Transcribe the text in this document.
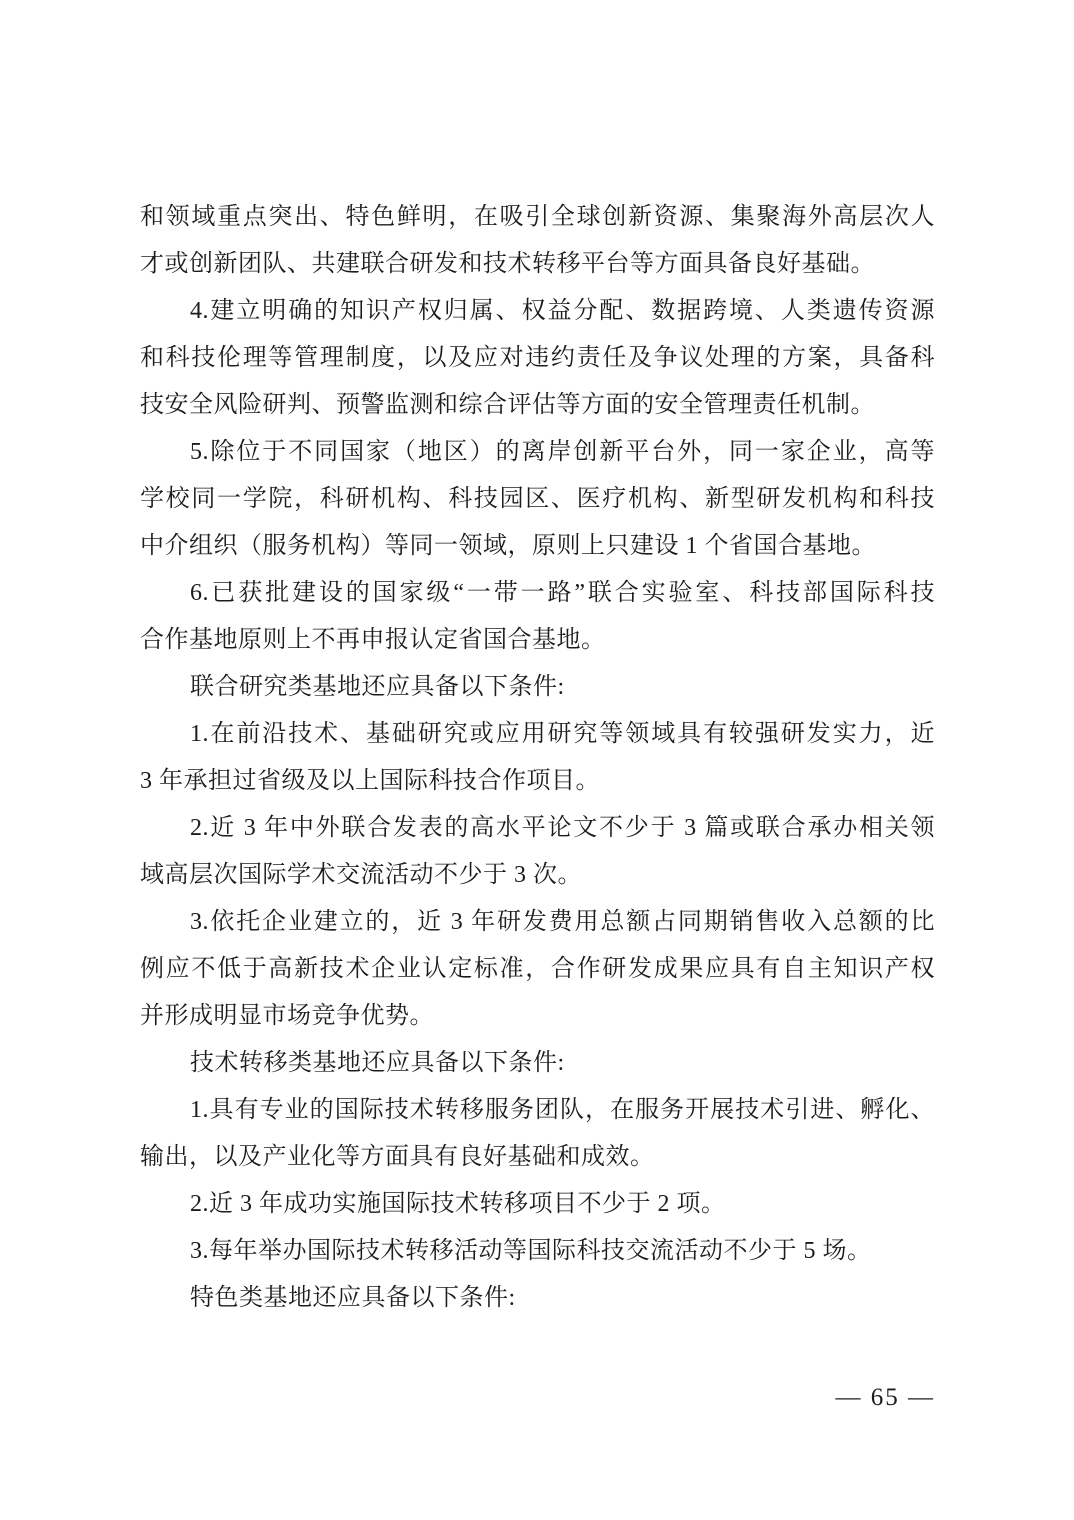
和领域重点突出、特色鲜明，在吸引全球创新资源、集聚海外高层次人
才或创新团队、共建联合研发和技术转移平台等方面具备良好基础。
4.建立明确的知识产权归属、权益分配、数据跨境、人类遗传资源
和科技伦理等管理制度，以及应对违约责任及争议处理的方案，具备科
技安全风险研判、预警监测和综合评估等方面的安全管理责任机制。
5.除位于不同国家（地区）的离岸创新平台外，同一家企业，高等
学校同一学院，科研机构、科技园区、医疗机构、新型研发机构和科技
中介组织（服务机构）等同一领域，原则上只建设 1 个省国合基地。
6.已获批建设的国家级“一带一路”联合实验室、科技部国际科技
合作基地原则上不再申报认定省国合基地。
联合研究类基地还应具备以下条件:
1.在前沿技术、基础研究或应用研究等领域具有较强研发实力，近
3 年承担过省级及以上国际科技合作项目。
2.近 3 年中外联合发表的高水平论文不少于 3 篇或联合承办相关领
域高层次国际学术交流活动不少于 3 次。
3.依托企业建立的，近 3 年研发费用总额占同期销售收入总额的比
例应不低于高新技术企业认定标准，合作研发成果应具有自主知识产权
并形成明显市场竞争优势。
技术转移类基地还应具备以下条件:
1.具有专业的国际技术转移服务团队，在服务开展技术引进、孵化、
输出，以及产业化等方面具有良好基础和成效。
2.近 3 年成功实施国际技术转移项目不少于 2 项。
3.每年举办国际技术转移活动等国际科技交流活动不少于 5 场。
特色类基地还应具备以下条件:
— 65 —
